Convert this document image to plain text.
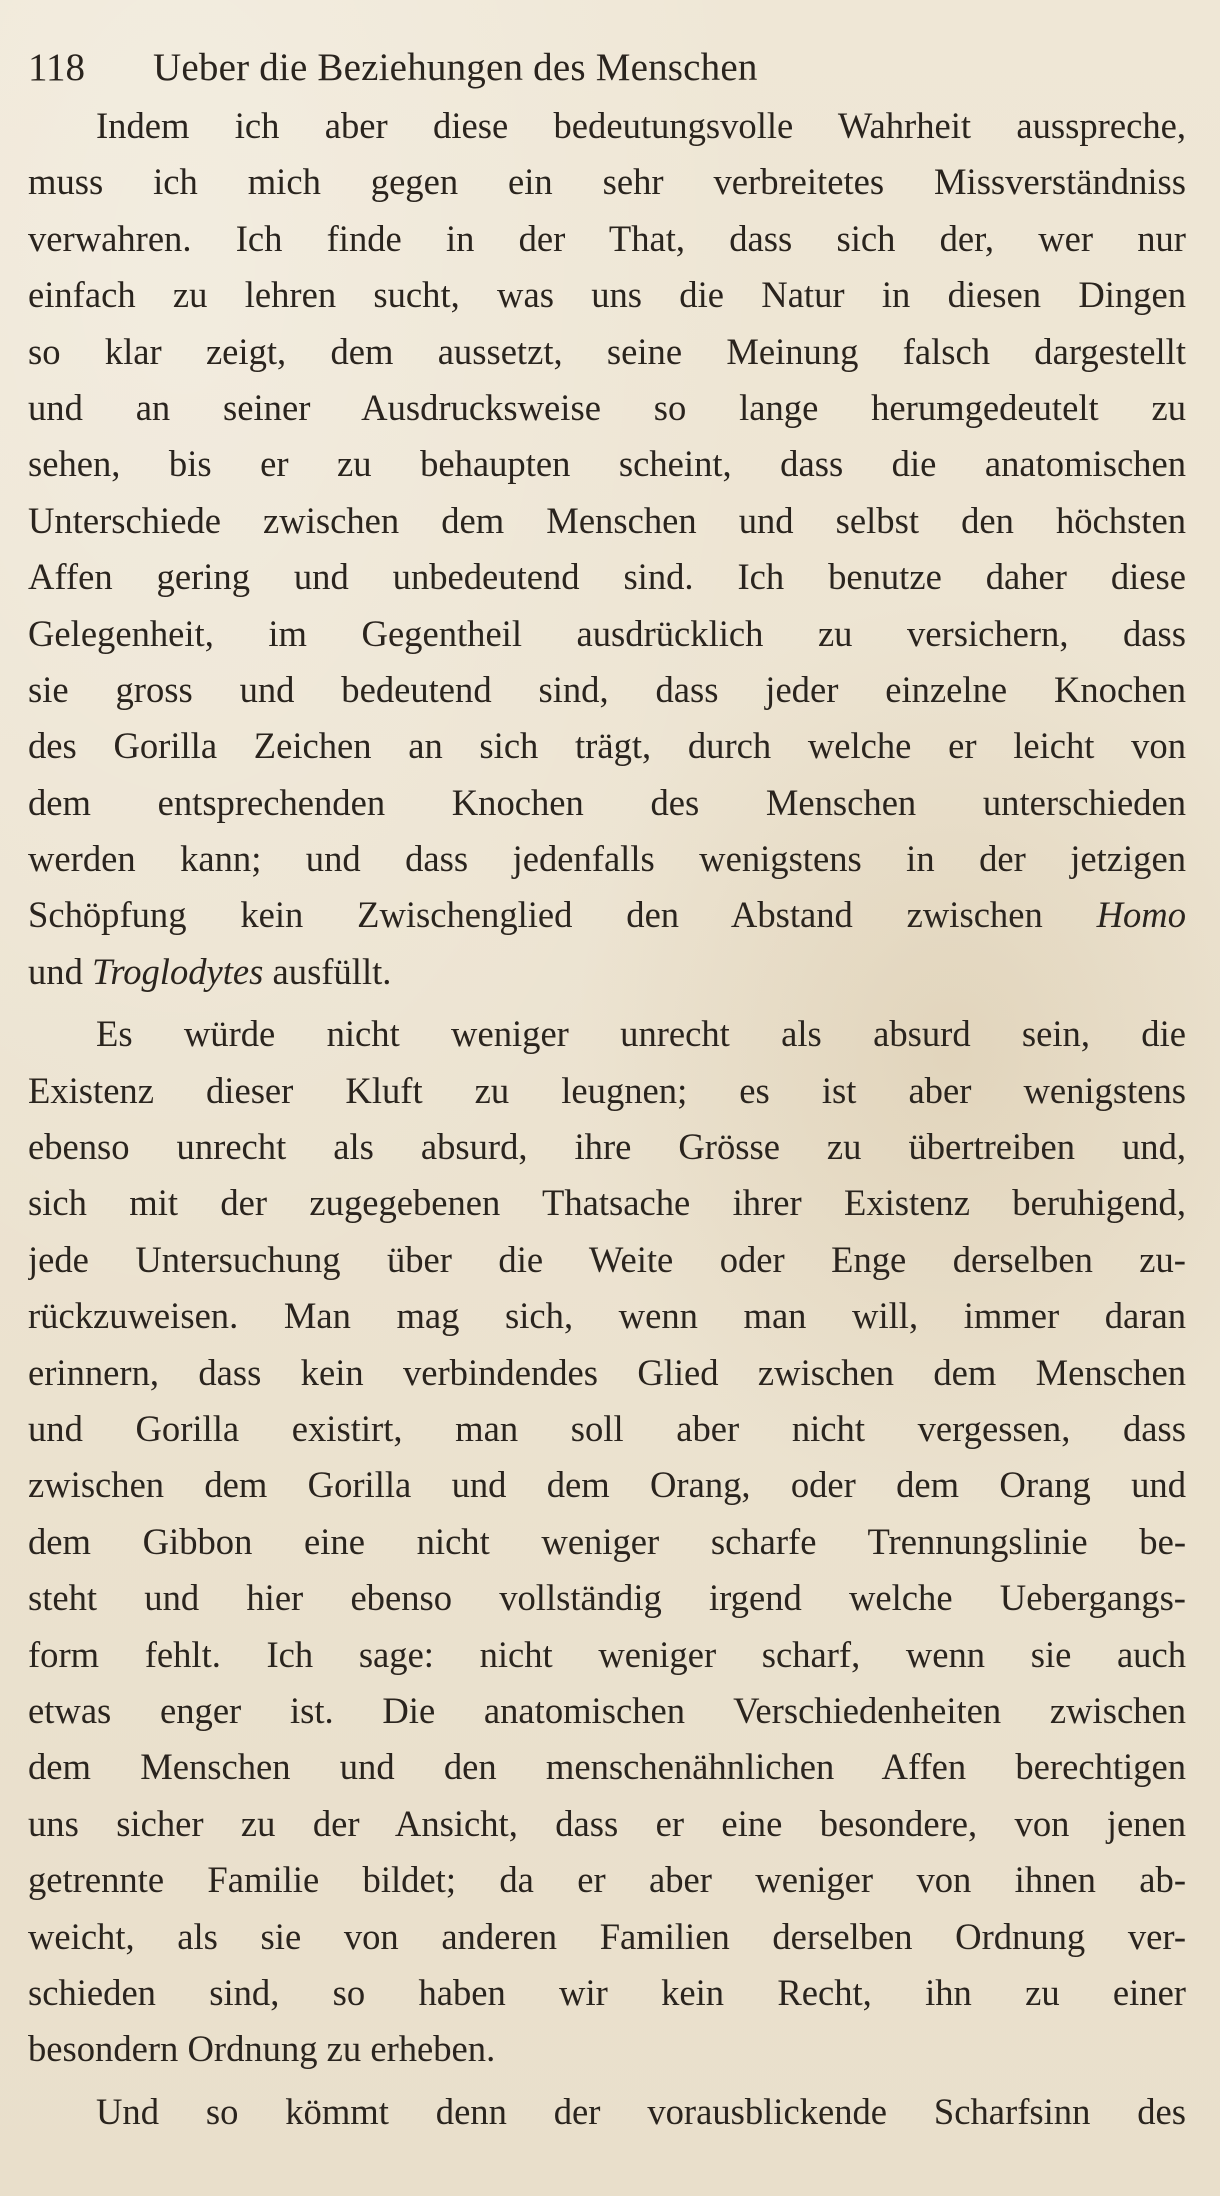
118	Ueber die Beziehungen des Menschen
Indem ich aber diese bedeutungsvolle Wahrheit ausspreche,
muss ich mich gegen ein sehr verbreitetes Missverständniss
verwahren. Ich finde in der That, dass sich der, wer nur
einfach zu lehren sucht, was uns die Natur in diesen Dingen
so klar zeigt, dem aussetzt, seine Meinung falsch dargestellt
und an seiner Ausdrucksweise so lange herumgedeutelt zu
sehen, bis er zu behaupten scheint, dass die anatomischen
Unterschiede zwischen dem Menschen und selbst den höchsten
Affen gering und unbedeutend sind. Ich benutze daher diese
Gelegenheit, im Gegentheil ausdrücklich zu versichern, dass
sie gross und bedeutend sind, dass jeder einzelne Knochen
des Gorilla Zeichen an sich trägt, durch welche er leicht von
dem entsprechenden Knochen des Menschen unterschieden
werden kann; und dass jedenfalls wenigstens in der jetzigen
Schöpfung kein Zwischenglied den Abstand zwischen Homo
und Troglodytes ausfüllt.
Es würde nicht weniger unrecht als absurd sein, die
Existenz dieser Kluft zu leugnen; es ist aber wenigstens
ebenso unrecht als absurd, ihre Grösse zu übertreiben und,
sich mit der zugegebenen Thatsache ihrer Existenz beruhigend,
jede Untersuchung über die Weite oder Enge derselben zu-
rückzuweisen. Man mag sich, wenn man will, immer daran
erinnern, dass kein verbindendes Glied zwischen dem Menschen
und Gorilla existirt, man soll aber nicht vergessen, dass
zwischen dem Gorilla und dem Orang, oder dem Orang und
dem Gibbon eine nicht weniger scharfe Trennungslinie be-
steht und hier ebenso vollständig irgend welche Uebergangs-
form fehlt. Ich sage: nicht weniger scharf, wenn sie auch
etwas enger ist. Die anatomischen Verschiedenheiten zwischen
dem Menschen und den menschenähnlichen Affen berechtigen
uns sicher zu der Ansicht, dass er eine besondere, von jenen
getrennte Familie bildet; da er aber weniger von ihnen ab-
weicht, als sie von anderen Familien derselben Ordnung ver-
schieden sind, so haben wir kein Recht, ihn zu einer
besondern Ordnung zu erheben.
Und so kömmt denn der vorausblickende Scharfsinn des
